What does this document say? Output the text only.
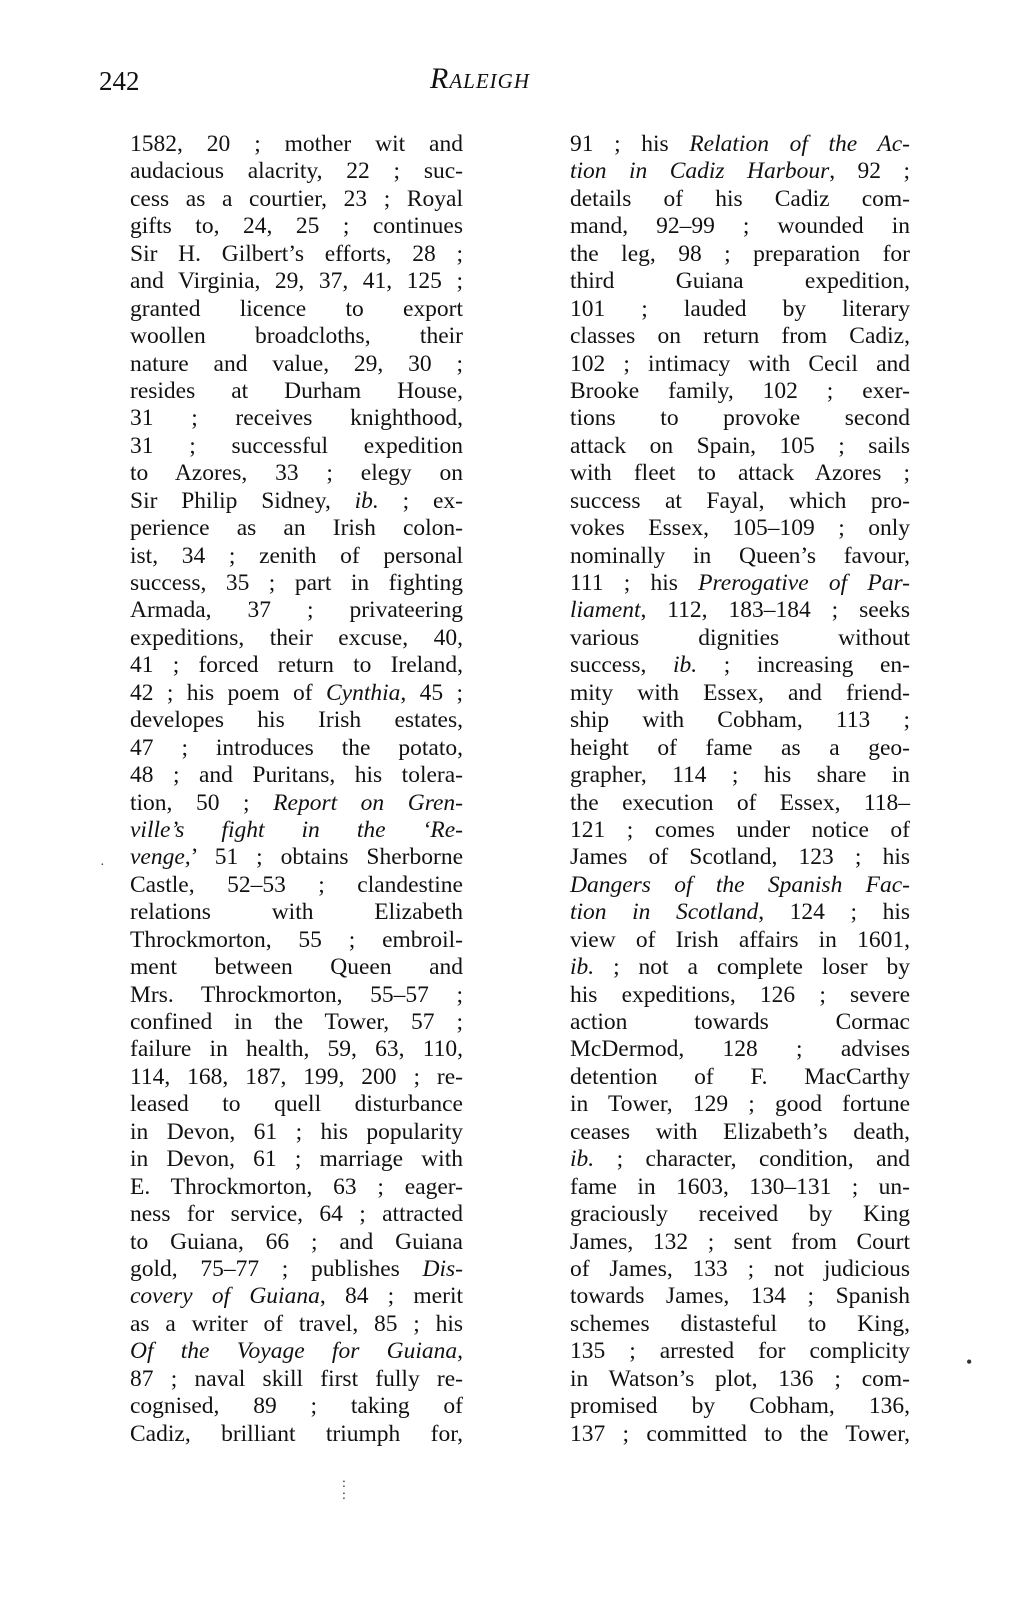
242	Raleigh
1582, 20 ; mother wit and
audacious alacrity, 22 ; suc-
cess as a courtier, 23 ; Royal
gifts to, 24, 25 ; continues
Sir H. Gilbert’s efforts, 28 ;
and Virginia, 29, 37, 41, 125 ;
granted licence to export
woollen broadcloths, their
nature and value, 29, 30 ;
resides at Durham House,
31 ; receives knighthood,
31 ; successful expedition
to Azores, 33 ; elegy on
Sir Philip Sidney, ib. ; ex-
perience as an Irish colon-
ist, 34 ; zenith of personal
success, 35 ; part in fighting
Armada, 37 ; privateering
expeditions, their excuse, 40,
41 ; forced return to Ireland,
42 ; his poem of Cynthia, 45 ;
developes his Irish estates,
47 ; introduces the potato,
48 ; and Puritans, his tolera-
tion, 50 ; Report on Gren-
ville’s fight in the ‘Re-
venge,’ 51 ; obtains Sherborne
Castle, 52–53 ; clandestine
relations with Elizabeth
Throckmorton, 55 ; embroil-
ment between Queen and
Mrs. Throckmorton, 55–57 ;
confined in the Tower, 57 ;
failure in health, 59, 63, 110,
114, 168, 187, 199, 200 ; re-
leased to quell disturbance
in Devon, 61 ; his popularity
in Devon, 61 ; marriage with
E. Throckmorton, 63 ; eager-
ness for service, 64 ; attracted
to Guiana, 66 ; and Guiana
gold, 75–77 ; publishes Dis-
covery of Guiana, 84 ; merit
as a writer of travel, 85 ; his
Of the Voyage for Guiana,
87 ; naval skill first fully re-
cognised, 89 ; taking of
Cadiz, brilliant triumph for,
91 ; his Relation of the Ac-
tion in Cadiz Harbour, 92 ;
details of his Cadiz com-
mand, 92–99 ; wounded in
the leg, 98 ; preparation for
third Guiana expedition,
101 ; lauded by literary
classes on return from Cadiz,
102 ; intimacy with Cecil and
Brooke family, 102 ; exer-
tions to provoke second
attack on Spain, 105 ; sails
with fleet to attack Azores ;
success at Fayal, which pro-
vokes Essex, 105–109 ; only
nominally in Queen’s favour,
111 ; his Prerogative of Par-
liament, 112, 183–184 ; seeks
various dignities without
success, ib. ; increasing en-
mity with Essex, and friend-
ship with Cobham, 113 ;
height of fame as a geo-
grapher, 114 ; his share in
the execution of Essex, 118–
121 ; comes under notice of
James of Scotland, 123 ; his
Dangers of the Spanish Fac-
tion in Scotland, 124 ; his
view of Irish affairs in 1601,
ib. ; not a complete loser by
his expeditions, 126 ; severe
action towards Cormac
McDermod, 128 ; advises
detention of F. MacCarthy
in Tower, 129 ; good fortune
ceases with Elizabeth’s death,
ib. ; character, condition, and
fame in 1603, 130–131 ; un-
graciously received by King
James, 132 ; sent from Court
of James, 133 ; not judicious
towards James, 134 ; Spanish
schemes distasteful to King,
135 ; arrested for complicity
in Watson’s plot, 136 ; com-
promised by Cobham, 136,
137 ; committed to the Tower,
·
:
:
•
